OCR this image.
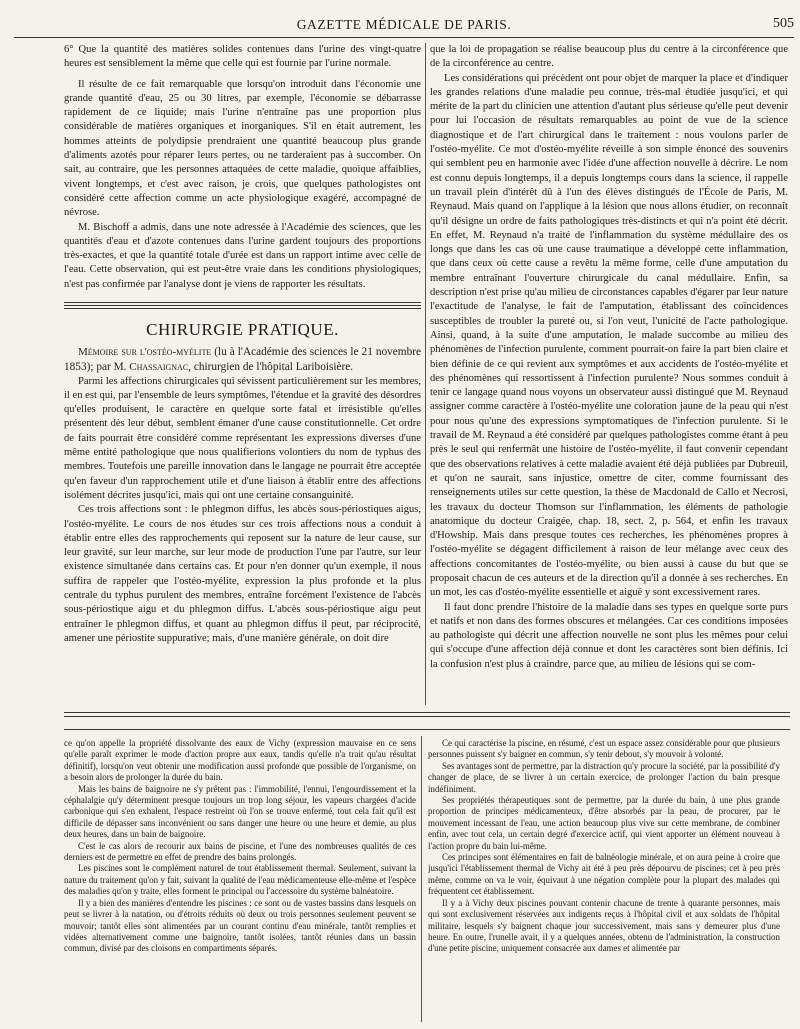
GAZETTE MÉDICALE DE PARIS.	505

6° Que la quantité des matières solides contenues dans l'urine des vingt-quatre heures est sensiblement la même que celle qui est fournie par l'urine normale.

Il résulte de ce fait remarquable que lorsqu'on introduit dans l'économie une grande quantité d'eau, 25 ou 30 litres, par exemple, l'économie se débarrasse rapidement de ce liquide; mais l'urine n'entraîne pas une proportion plus considérable de matières organiques et inorganiques. S'il en était autrement, les hommes atteints de polydipsie prendraient une quantité beaucoup plus grande d'aliments azotés pour réparer leurs pertes, ou ne tarderaient pas à succomber. On sait, au contraire, que les personnes attaquées de cette maladie, quoique affaiblies, vivent longtemps, et c'est avec raison, je crois, que quelques pathologistes ont considéré cette affection comme un acte physiologique exagéré, accompagné de névrose.

M. Bischoff a admis, dans une note adressée à l'Académie des sciences, que les quantités d'eau et d'azote contenues dans l'urine gardent toujours des proportions très-exactes, et que la quantité totale d'urée est dans un rapport intime avec celle de l'eau. Cette observation, qui est peut-être vraie dans les conditions physiologiques, n'est pas confirmée par l'analyse dont je viens de rapporter les résultats.

CHIRURGIE PRATIQUE.

Mémoire sur l'ostéo-myélite (lu à l'Académie des sciences le 21 novembre 1853); par M. Chassaignac, chirurgien de l'hôpital Lariboisière.

Parmi les affections chirurgicales qui sévissent particulièrement sur les membres, il en est qui, par l'ensemble de leurs symptômes, l'étendue et la gravité des désordres qu'elles produisent, le caractère en quelque sorte fatal et irrésistible qu'elles présentent dès leur début, semblent émaner d'une cause constitutionnelle. Cet ordre de faits pourrait être considéré comme représentant les expressions diverses d'une même entité pathologique que nous qualifierions volontiers du nom de typhus des membres. Toutefois une pareille innovation dans le langage ne pourrait être acceptée qu'en faveur d'un rapprochement utile et d'une liaison à établir entre des affections isolément décrites jusqu'ici, mais qui ont une certaine consanguinité.

Ces trois affections sont : le phlegmon diffus, les abcès sous-périostiques aigus, l'ostéo-myélite. Le cours de nos études sur ces trois affections nous a conduit à établir entre elles des rapprochements qui reposent sur la nature de leur cause, sur leur gravité, sur leur marche, sur leur mode de production l'une par l'autre, sur leur existence simultanée dans certains cas. Et pour n'en donner qu'un exemple, il nous suffira de rappeler que l'ostéo-myélite, expression la plus profonde et la plus centrale du typhus purulent des membres, entraîne forcément l'existence de l'abcès sous-périostique aigu et du phlegmon diffus. L'abcès sous-périostique aigu peut entraîner le phlegmon diffus, et quant au phlegmon diffus il peut, par réciprocité, amener une périostite suppurative; mais, d'une manière générale, on doit dire

que la loi de propagation se réalise beaucoup plus du centre à la circonférence que de la circonférence au centre.

Les considérations qui précèdent ont pour objet de marquer la place et d'indiquer les grandes relations d'une maladie peu connue, très-mal étudiée jusqu'ici, et qui mérite de la part du clinicien une attention d'autant plus sérieuse qu'elle peut devenir pour lui l'occasion de résultats remarquables au point de vue de la science diagnostique et de l'art chirurgical dans le traitement : nous voulons parler de l'ostéo-myélite. Ce mot d'ostéo-myélite réveille à son simple énoncé des souvenirs qui semblent peu en harmonie avec l'idée d'une affection nouvelle à décrire. Le nom est connu depuis longtemps, il a depuis longtemps cours dans la science, il rappelle un travail plein d'intérêt dû à l'un des élèves distingués de l'École de Paris, M. Reynaud. Mais quand on l'applique à la lésion que nous allons étudier, on reconnaît qu'il désigne un ordre de faits pathologiques très-distincts et qui n'a point été décrit. En effet, M. Reynaud n'a traité de l'inflammation du système médullaire des os longs que dans les cas où une cause traumatique a développé cette inflammation, que dans ceux où cette cause a revêtu la même forme, celle d'une amputation du membre entraînant l'ouverture chirurgicale du canal médullaire. Enfin, sa description n'est prise qu'au milieu de circonstances capables d'égarer par leur nature l'exactitude de l'analyse, le fait de l'amputation, établissant des coïncidences susceptibles de troubler la pureté ou, si l'on veut, l'unicité de l'acte pathologique. Ainsi, quand, à la suite d'une amputation, le malade succombe au milieu des phénomènes de l'infection purulente, comment pourrait-on faire la part bien claire et bien définie de ce qui revient aux symptômes et aux accidents de l'ostéo-myélite et des phénomènes qui ressortissent à l'infection purulente? Nous sommes conduit à tenir ce langage quand nous voyons un observateur aussi distingué que M. Reynaud assigner comme caractère à l'ostéo-myélite une coloration jaune de la peau qui n'est pour nous qu'une des expressions symptomatiques de l'infection purulente. Si le travail de M. Reynaud a été considéré par quelques pathologistes comme étant à peu près le seul qui renfermât une histoire de l'ostéo-myélite, il faut convenir cependant que des observations relatives à cette maladie avaient été déjà publiées par Dubreuil, et qu'on ne saurait, sans injustice, omettre de citer, comme fournissant des renseignements utiles sur cette question, la thèse de Macdonald de Callo et Necrosi, les travaux du docteur Thomson sur l'inflammation, les éléments de pathologie anatomique du docteur Craigée, chap. 18, sect. 2, p. 564, et enfin les travaux d'Howship. Mais dans presque toutes ces recherches, les phénomènes propres à l'ostéo-myélite se dégagent difficilement à raison de leur mélange avec ceux des affections concomitantes de l'ostéo-myélite, ou bien aussi à cause du but que se proposait chacun de ces auteurs et de la direction qu'il a donnée à ses recherches. En un mot, les cas d'ostéo-myélite essentielle et aiguë y sont excessivement rares.

Il faut donc prendre l'histoire de la maladie dans ses types en quelque sorte purs et natifs et non dans des formes obscures et mélangées. Car ces conditions imposées au pathologiste qui décrit une affection nouvelle ne sont plus les mêmes pour celui qui s'occupe d'une affection déjà connue et dont les caractères sont bien définis. Ici la confusion n'est plus à craindre, parce que, au milieu de lésions qui se com-

ce qu'on appelle la propriété dissolvante des eaux de Vichy (expression mauvaise en ce sens qu'elle paraît exprimer le mode d'action propre aux eaux, tandis qu'elle n'a trait qu'au résultat définitif), lorsqu'on veut obtenir une modification aussi profonde que possible de l'organisme, on a besoin alors de prolonger la durée du bain.

Mais les bains de baignoire ne s'y prêtent pas : l'immobilité, l'ennui, l'engourdissement et la céphalalgie qu'y déterminent presque toujours un trop long séjour, les vapeurs chargées d'acide carbonique qui s'en exhalent, l'espace restreint où l'on se trouve enfermé, tout cela fait qu'il est difficile de dépasser sans inconvénient ou sans danger une heure ou une heure et demie, au plus deux heures, dans un bain de baignoire.

C'est le cas alors de recourir aux bains de piscine, et l'une des nombreuses qualités de ces derniers est de permettre en effet de prendre des bains prolongés.

Les piscines sont le complément naturel de tout établissement thermal. Seulement, suivant la nature du traitement qu'on y fait, suivant la qualité de l'eau médicamenteuse elle-même et l'espèce des maladies qu'on y traite, elles forment le principal ou l'accessoire du système balnéatoire.

Il y a bien des manières d'entendre les piscines : ce sont ou de vastes bassins dans lesquels on peut se livrer à la natation, ou d'étroits réduits où deux ou trois personnes seulement peuvent se mouvoir; tantôt elles sont alimentées par un courant continu d'eau minérale, tantôt remplies et vidées alternativement comme une baignoire, tantôt isolées, tantôt réunies dans un bassin commun, divisé par des cloisons en compartiments séparés.

Ce qui caractérise la piscine, en résumé, c'est un espace assez considérable pour que plusieurs personnes puissent s'y baigner en commun, s'y tenir debout, s'y mouvoir à volonté.

Ses avantages sont de permettre, par la distraction qu'y procure la société, par la possibilité d'y changer de place, de se livrer à un certain exercice, de prolonger l'action du bain presque indéfiniment.

Ses propriétés thérapeutiques sont de permettre, par la durée du bain, à une plus grande proportion de principes médicamenteux, d'être absorbés par la peau, de procurer, par le mouvement incessant de l'eau, une action beaucoup plus vive sur cette membrane, de combiner enfin, avec tout cela, un certain degré d'exercice actif, qui vient apporter un élément nouveau à l'action propre du bain lui-même.

Ces principes sont élémentaires en fait de balnéologie minérale, et on aura peine à croire que jusqu'ici l'établissement thermal de Vichy ait été à peu près dépourvu de piscines; cet à peu près même, comme on va le voir, équivaut à une négation complète pour la plupart des malades qui fréquentent cet établissement.

Il y a à Vichy deux piscines pouvant contenir chacune de trente à quarante personnes, mais qui sont exclusivement réservées aux indigents reçus à l'hôpital civil et aux soldats de l'hôpital militaire, lesquels s'y baignent chaque jour successivement, mais sans y demeurer plus d'une heure. En outre, l'runelle avait, il y a quelques années, obtenu de l'administration, la construction d'une petite piscine, uniquement consacrée aux dames et alimentée par
